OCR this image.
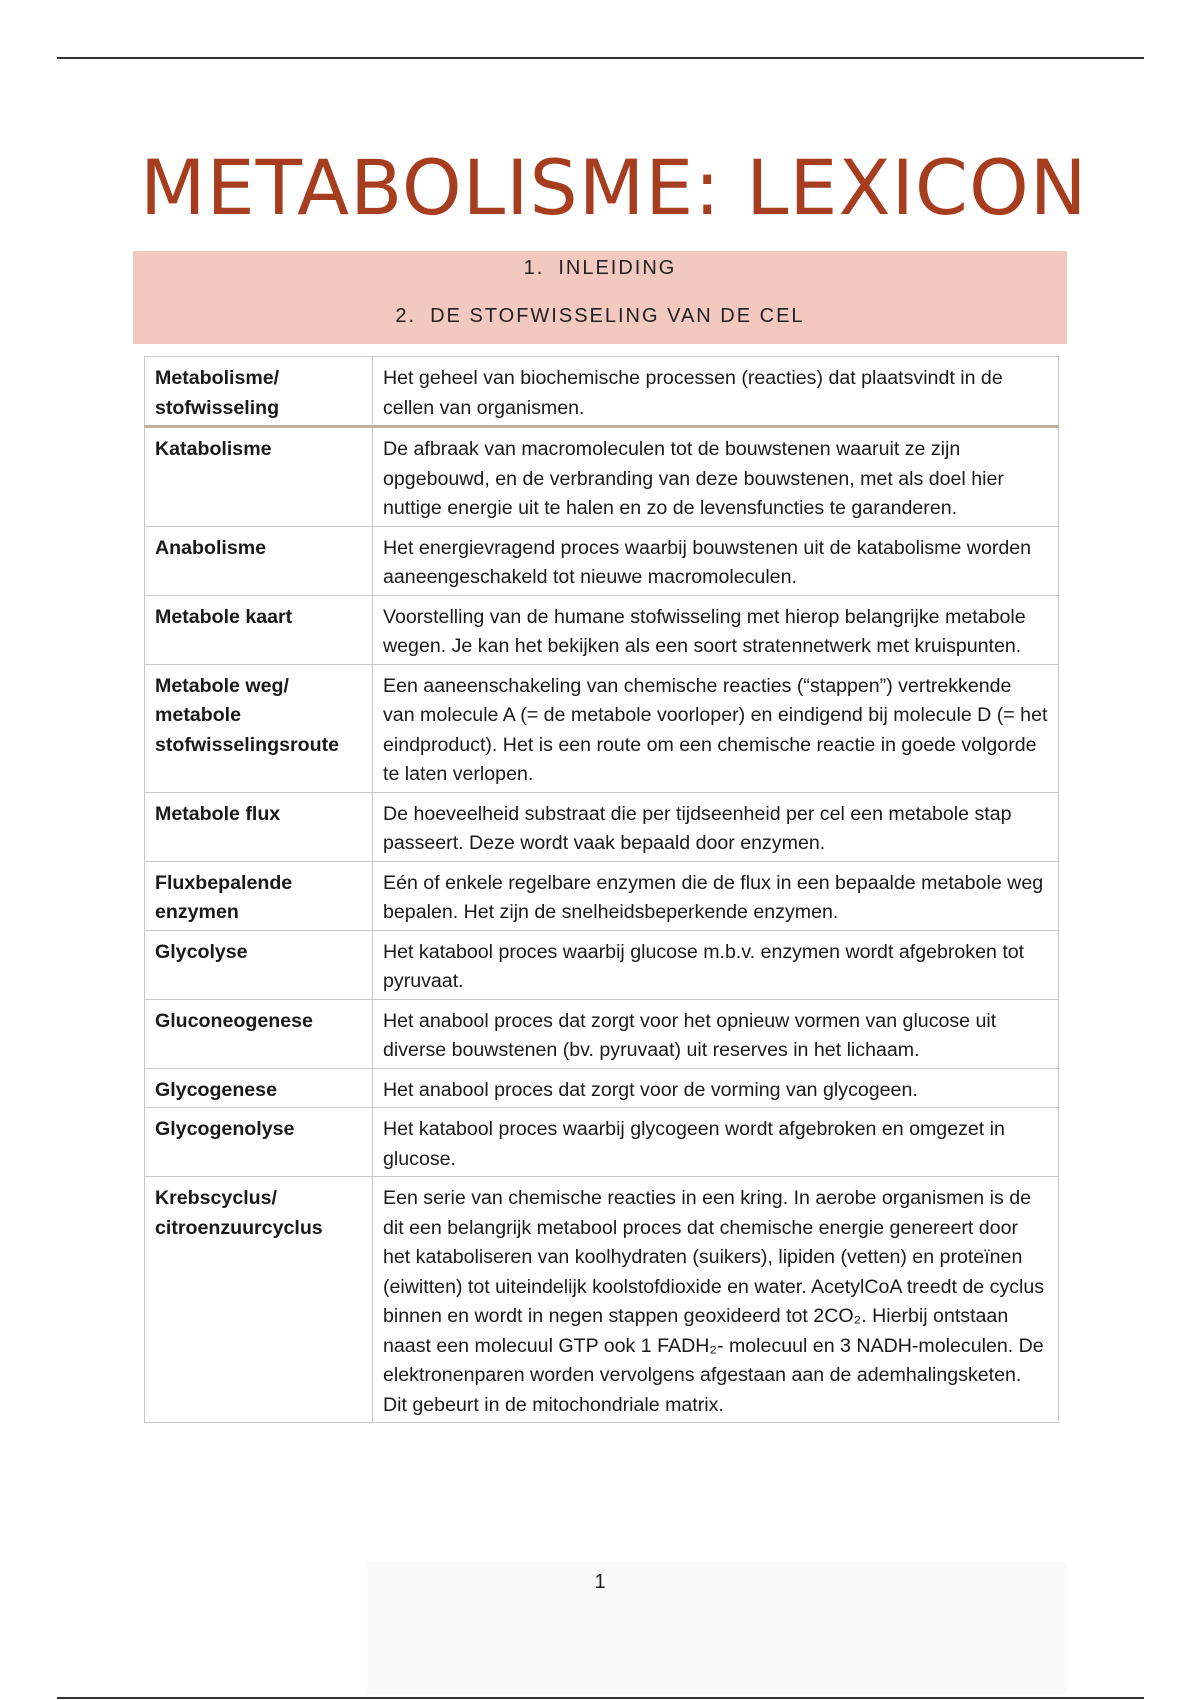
METABOLISME: LEXICON
1. INLEIDING
2. DE STOFWISSELING VAN DE CEL
Metabolisme/ stofwisseling	Het geheel van biochemische processen (reacties) dat plaatsvindt in de cellen van organismen.
Katabolisme	De afbraak van macromoleculen tot de bouwstenen waaruit ze zijn opgebouwd, en de verbranding van deze bouwstenen, met als doel hier nuttige energie uit te halen en zo de levensfuncties te garanderen.
Anabolisme	Het energievragend proces waarbij bouwstenen uit de katabolisme worden aaneengeschakeld tot nieuwe macromoleculen.
Metabole kaart	Voorstelling van de humane stofwisseling met hierop belangrijke metabole wegen. Je kan het bekijken als een soort stratennetwerk met kruispunten.
Metabole weg/ metabole stofwisselingsroute	Een aaneenschakeling van chemische reacties (“stappen”) vertrekkende van molecule A (= de metabole voorloper) en eindigend bij molecule D (= het eindproduct). Het is een route om een chemische reactie in goede volgorde te laten verlopen.
Metabole flux	De hoeveelheid substraat die per tijdseenheid per cel een metabole stap passeert. Deze wordt vaak bepaald door enzymen.
Fluxbepalende enzymen	Eén of enkele regelbare enzymen die de flux in een bepaalde metabole weg bepalen. Het zijn de snelheidsbeperkende enzymen.
Glycolyse	Het katabool proces waarbij glucose m.b.v. enzymen wordt afgebroken tot pyruvaat.
Gluconeogenese	Het anabool proces dat zorgt voor het opnieuw vormen van glucose uit diverse bouwstenen (bv. pyruvaat) uit reserves in het lichaam.
Glycogenese	Het anabool proces dat zorgt voor de vorming van glycogeen.
Glycogenolyse	Het katabool proces waarbij glycogeen wordt afgebroken en omgezet in glucose.
Krebscyclus/ citroenzuurcyclus	Een serie van chemische reacties in een kring. In aerobe organismen is de dit een belangrijk metabool proces dat chemische energie genereert door het kataboliseren van koolhydraten (suikers), lipiden (vetten) en proteïnen (eiwitten) tot uiteindelijk koolstofdioxide en water. AcetylCoA treedt de cyclus binnen en wordt in negen stappen geoxideerd tot 2CO₂. Hierbij ontstaan naast een molecuul GTP ook 1 FADH₂- molecuul en 3 NADH-moleculen. De elektronenparen worden vervolgens afgestaan aan de ademhalingsketen. Dit gebeurt in de mitochondriale matrix.
1
